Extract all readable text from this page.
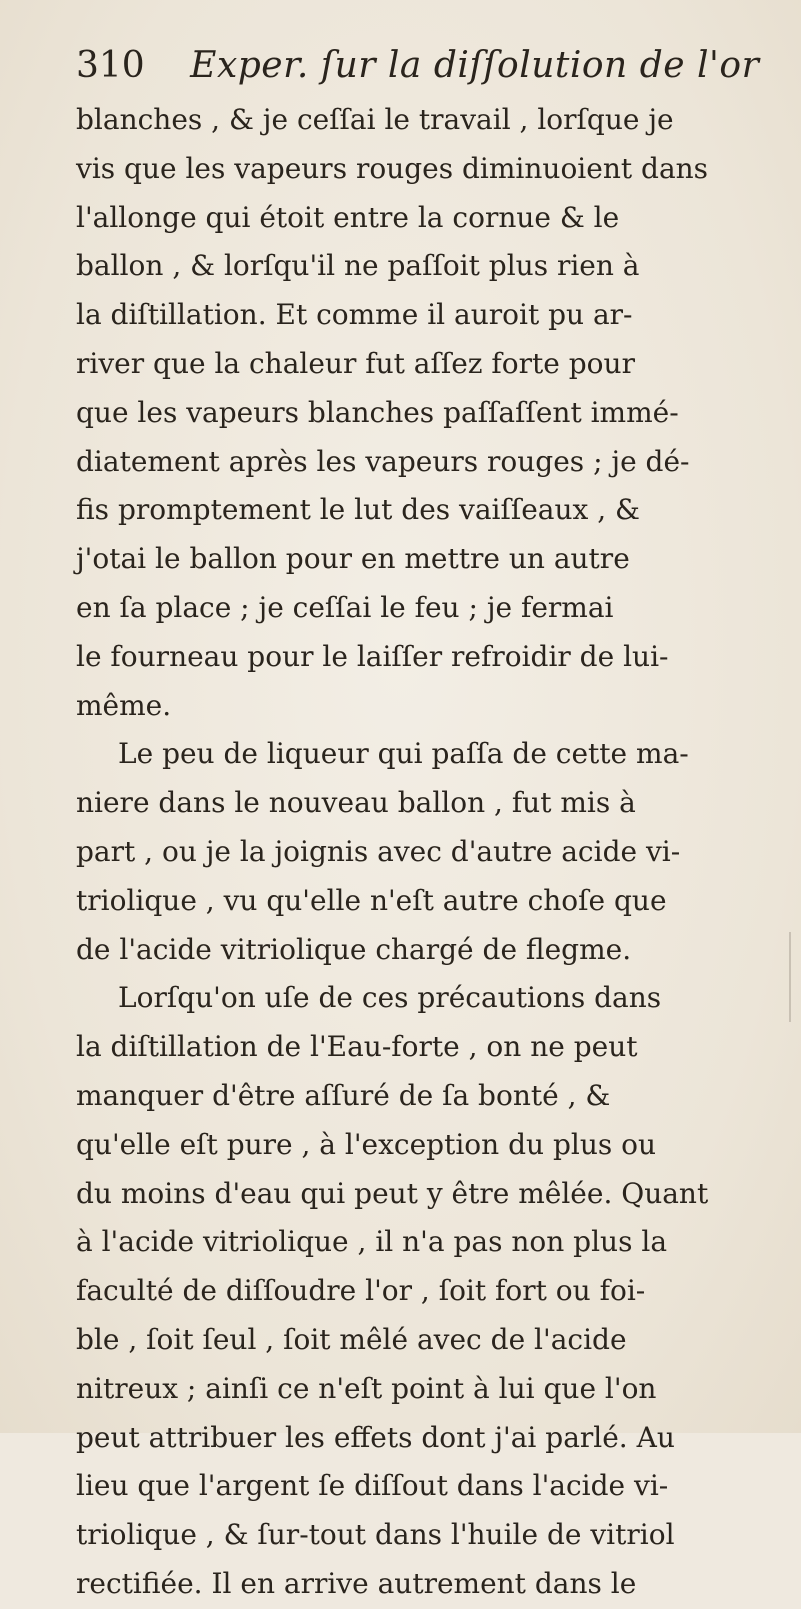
310 Exper. ſur la diſſolution de l'or
blanches , & je ceſſai le travail , lorſque je
vis que les vapeurs rouges diminuoient dans
l'allonge qui étoit entre la cornue & le
ballon , & lorſqu'il ne paſſoit plus rien à
la diſtillation. Et comme il auroit pu ar-
river que la chaleur fut aſſez forte pour
que les vapeurs blanches paſſaſſent immé-
diatement après les vapeurs rouges ; je dé-
fis promptement le lut des vaiſſeaux , &
j'otai le ballon pour en mettre un autre
en ſa place ; je ceſſai le feu ; je fermai
le fourneau pour le laiſſer refroidir de lui-
même.
Le peu de liqueur qui paſſa de cette ma-
niere dans le nouveau ballon , fut mis à
part , ou je la joignis avec d'autre acide vi-
triolique , vu qu'elle n'eſt autre choſe que
de l'acide vitriolique chargé de flegme.
Lorſqu'on uſe de ces précautions dans
la diſtillation de l'Eau-forte , on ne peut
manquer d'être aſſuré de ſa bonté , &
qu'elle eſt pure , à l'exception du plus ou
du moins d'eau qui peut y être mêlée. Quant
à l'acide vitriolique , il n'a pas non plus la
faculté de diſſoudre l'or , ſoit fort ou foi-
ble , ſoit ſeul , ſoit mêlé avec de l'acide
nitreux ; ainſi ce n'eſt point à lui que l'on
peut attribuer les effets dont j'ai parlé. Au
lieu que l'argent ſe diſſout dans l'acide vi-
triolique , & ſur-tout dans l'huile de vitriol
rectifiée. Il en arrive autrement dans le
